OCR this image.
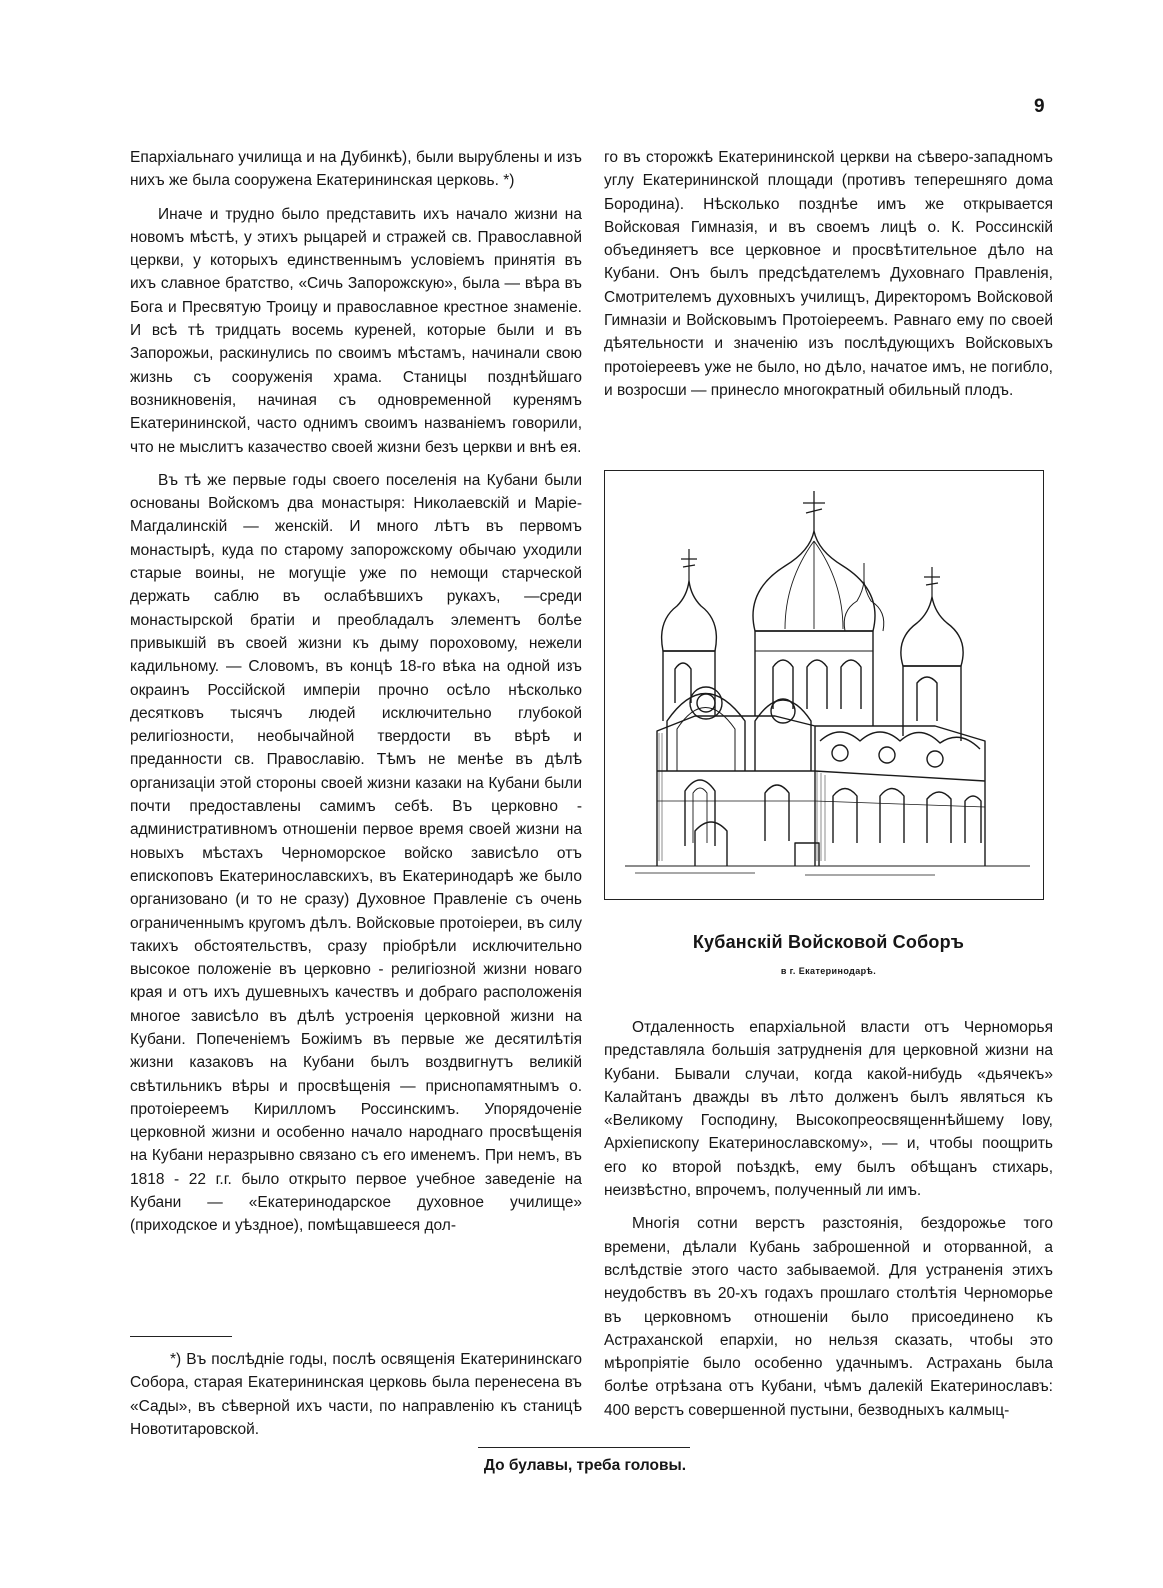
9

Епархіальнаго училища и на Дубинкѣ), были вырублены и изъ нихъ же была сооружена Екатерининская церковь. *)

Иначе и трудно было представить ихъ начало жизни на новомъ мѣстѣ, у этихъ рыцарей и стражей св. Православной церкви, у которыхъ единственнымъ условіемъ принятія въ ихъ славное братство, «Сичь Запорожскую», была — вѣра въ Бога и Пресвятую Троицу и православное крестное знаменіе. И всѣ тѣ тридцать восемь куреней, которые были и въ Запорожьи, раскинулись по своимъ мѣстамъ, начинали свою жизнь съ сооруженія храма. Станицы позднѣйшаго возникновенія, начиная съ одновременной куренямъ Екатерининской, часто однимъ своимъ названіемъ говорили, что не мыслитъ казачество своей жизни безъ церкви и внѣ ея.

Въ тѣ же первые годы своего поселенія на Кубани были основаны Войскомъ два монастыря: Николаевскій и Маріе-Магдалинскій — женскій. И много лѣтъ въ первомъ монастырѣ, куда по старому запорожскому обычаю уходили старые воины, не могущіе уже по немощи старческой держать саблю въ ослабѣвшихъ рукахъ, —среди монастырской братіи и преобладалъ элементъ болѣе привыкшій въ своей жизни къ дыму пороховому, нежели кадильному. — Словомъ, въ концѣ 18-го вѣка на одной изъ окраинъ Россійской имперіи прочно осѣло нѣсколько десятковъ тысячъ людей исключительно глубокой религіозности, необычайной твердости въ вѣрѣ и преданности св. Православію. Тѣмъ не менѣе въ дѣлѣ организаціи этой стороны своей жизни казаки на Кубани были почти предоставлены самимъ себѣ. Въ церковно - административномъ отношеніи первое время своей жизни на новыхъ мѣстахъ Черноморское войско зависѣло отъ епископовъ Екатеринославскихъ, въ Екатеринодарѣ же было организовано (и то не сразу) Духовное Правленіе съ очень ограниченнымъ кругомъ дѣлъ. Войсковые протоіереи, въ силу такихъ обстоятельствъ, сразу пріобрѣли исключительно высокое положеніе въ церковно - религіозной жизни новаго края и отъ ихъ душевныхъ качествъ и добраго расположенія многое зависѣло въ дѣлѣ устроенія церковной жизни на Кубани. Попеченіемъ Божіимъ въ первые же десятилѣтія жизни казаковъ на Кубани былъ воздвигнутъ великій свѣтильникъ вѣры и просвѣщенія — приснопамятнымъ о. протоіереемъ Кирилломъ Россинскимъ. Упорядоченіе церковной жизни и особенно начало народнаго просвѣщенія на Кубани неразрывно связано съ его именемъ. При немъ, въ 1818 - 22 г.г. было открыто первое учебное заведеніе на Кубани — «Екатеринодарское духовное училище» (приходское и уѣздное), помѣщавшееся дол-

*) Въ послѣдніе годы, послѣ освященія Екатерининскаго Собора, старая Екатерининская церковь была перенесена въ «Сады», въ сѣверной ихъ части, по направленію къ станицѣ Новотитаровской.

го въ сторожкѣ Екатерининской церкви на сѣверо-западномъ углу Екатерининской площади (противъ теперешняго дома Бородина). Нѣсколько позднѣе имъ же открывается Войсковая Гимназія, и въ своемъ лицѣ о. К. Россинскій объединяетъ все церковное и просвѣтительное дѣло на Кубани. Онъ былъ предсѣдателемъ Духовнаго Правленія, Смотрителемъ духовныхъ училищъ, Директоромъ Войсковой Гимназіи и Войсковымъ Протоіереемъ. Равнаго ему по своей дѣятельности и значенію изъ послѣдующихъ Войсковыхъ протоіереевъ уже не было, но дѣло, начатое имъ, не погибло, и возросши — принесло многократный обильный плодъ.

Кубанскій Войсковой Соборъ
в г. Екатеринодарѣ.

Отдаленность епархіальной власти отъ Черноморья представляла большія затрудненія для церковной жизни на Кубани. Бывали случаи, когда какой-нибудь «дьячекъ» Калайтанъ дважды въ лѣто долженъ былъ являться къ «Великому Господину, Высокопреосвященнѣйшему Іову, Архіепископу Екатеринославскому», — и, чтобы поощрить его ко второй поѣздкѣ, ему былъ обѣщанъ стихарь, неизвѣстно, впрочемъ, полученный ли имъ.

Многія сотни верстъ разстоянія, бездорожье того времени, дѣлали Кубань заброшенной и оторванной, а вслѣдствіе этого часто забываемой. Для устраненія этихъ неудобствъ въ 20-хъ годахъ прошлаго столѣтія Черноморье въ церковномъ отношеніи было присоединено къ Астраханской епархіи, но нельзя сказать, чтобы это мѣропріятіе было особенно удачнымъ. Астрахань была болѣе отрѣзана отъ Кубани, чѣмъ далекій Екатеринославъ: 400 верстъ совершенной пустыни, безводныхъ калмыц-

До булавы, треба головы.
